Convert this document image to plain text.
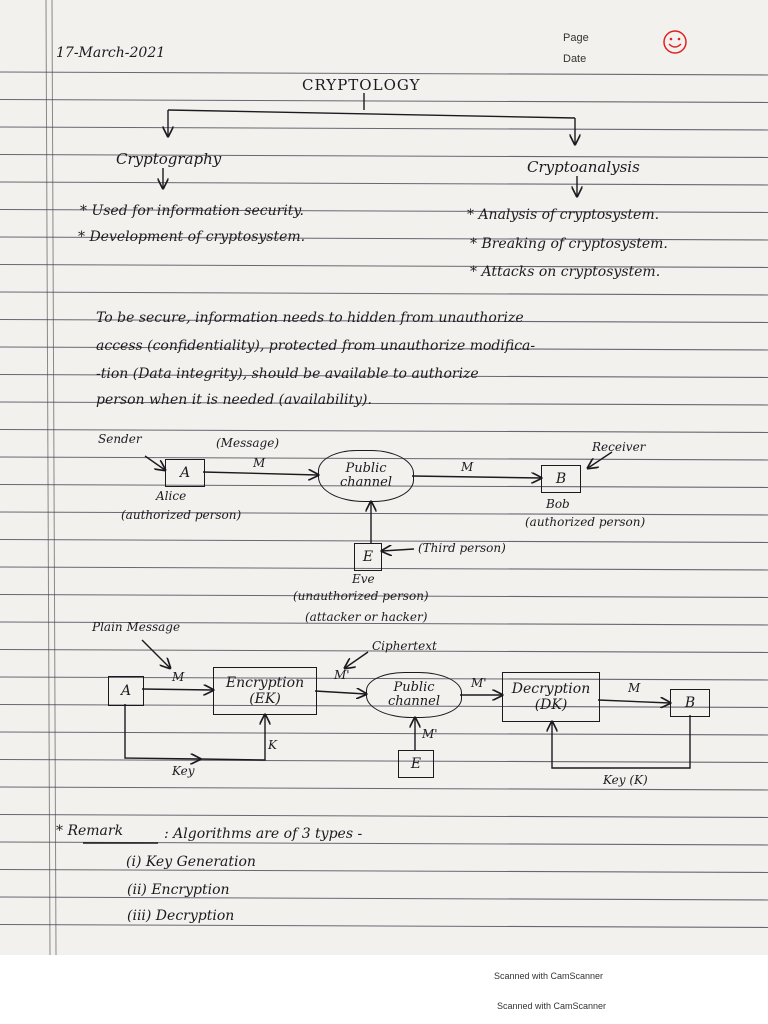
Page
Date
17-March-2021
CRYPTOLOGY
Cryptography	Cryptoanalysis
* Used for information security.
* Development of cryptosystem.
* Analysis of cryptosystem.
* Breaking of cryptosystem.
* Attacks on cryptosystem.
To be secure, information needs to hidden from unauthorize
access (confidentiality), protected from unauthorize modifica-
-tion (Data integrity), should be available to authorize
person when it is needed (availability).
Sender	(Message)
M	M
A
Alice
(authorized person)
Public channel	B
Receiver
Bob
(authorized person)
E
(Third person)
Eve
(unauthorized person)
(attacker or hacker)
Plain Message
Ciphertext
A
M	Encryption
(EK)
M'
Public channel
M' Decryption
(DK)
M
B
K
M'
E
Key
Key (K)
* Remark	: Algorithms are of 3 types -
(i) Key Generation
(ii) Encryption
(iii) Decryption
Scanned with CamScanner
Scanned with CamScanner
